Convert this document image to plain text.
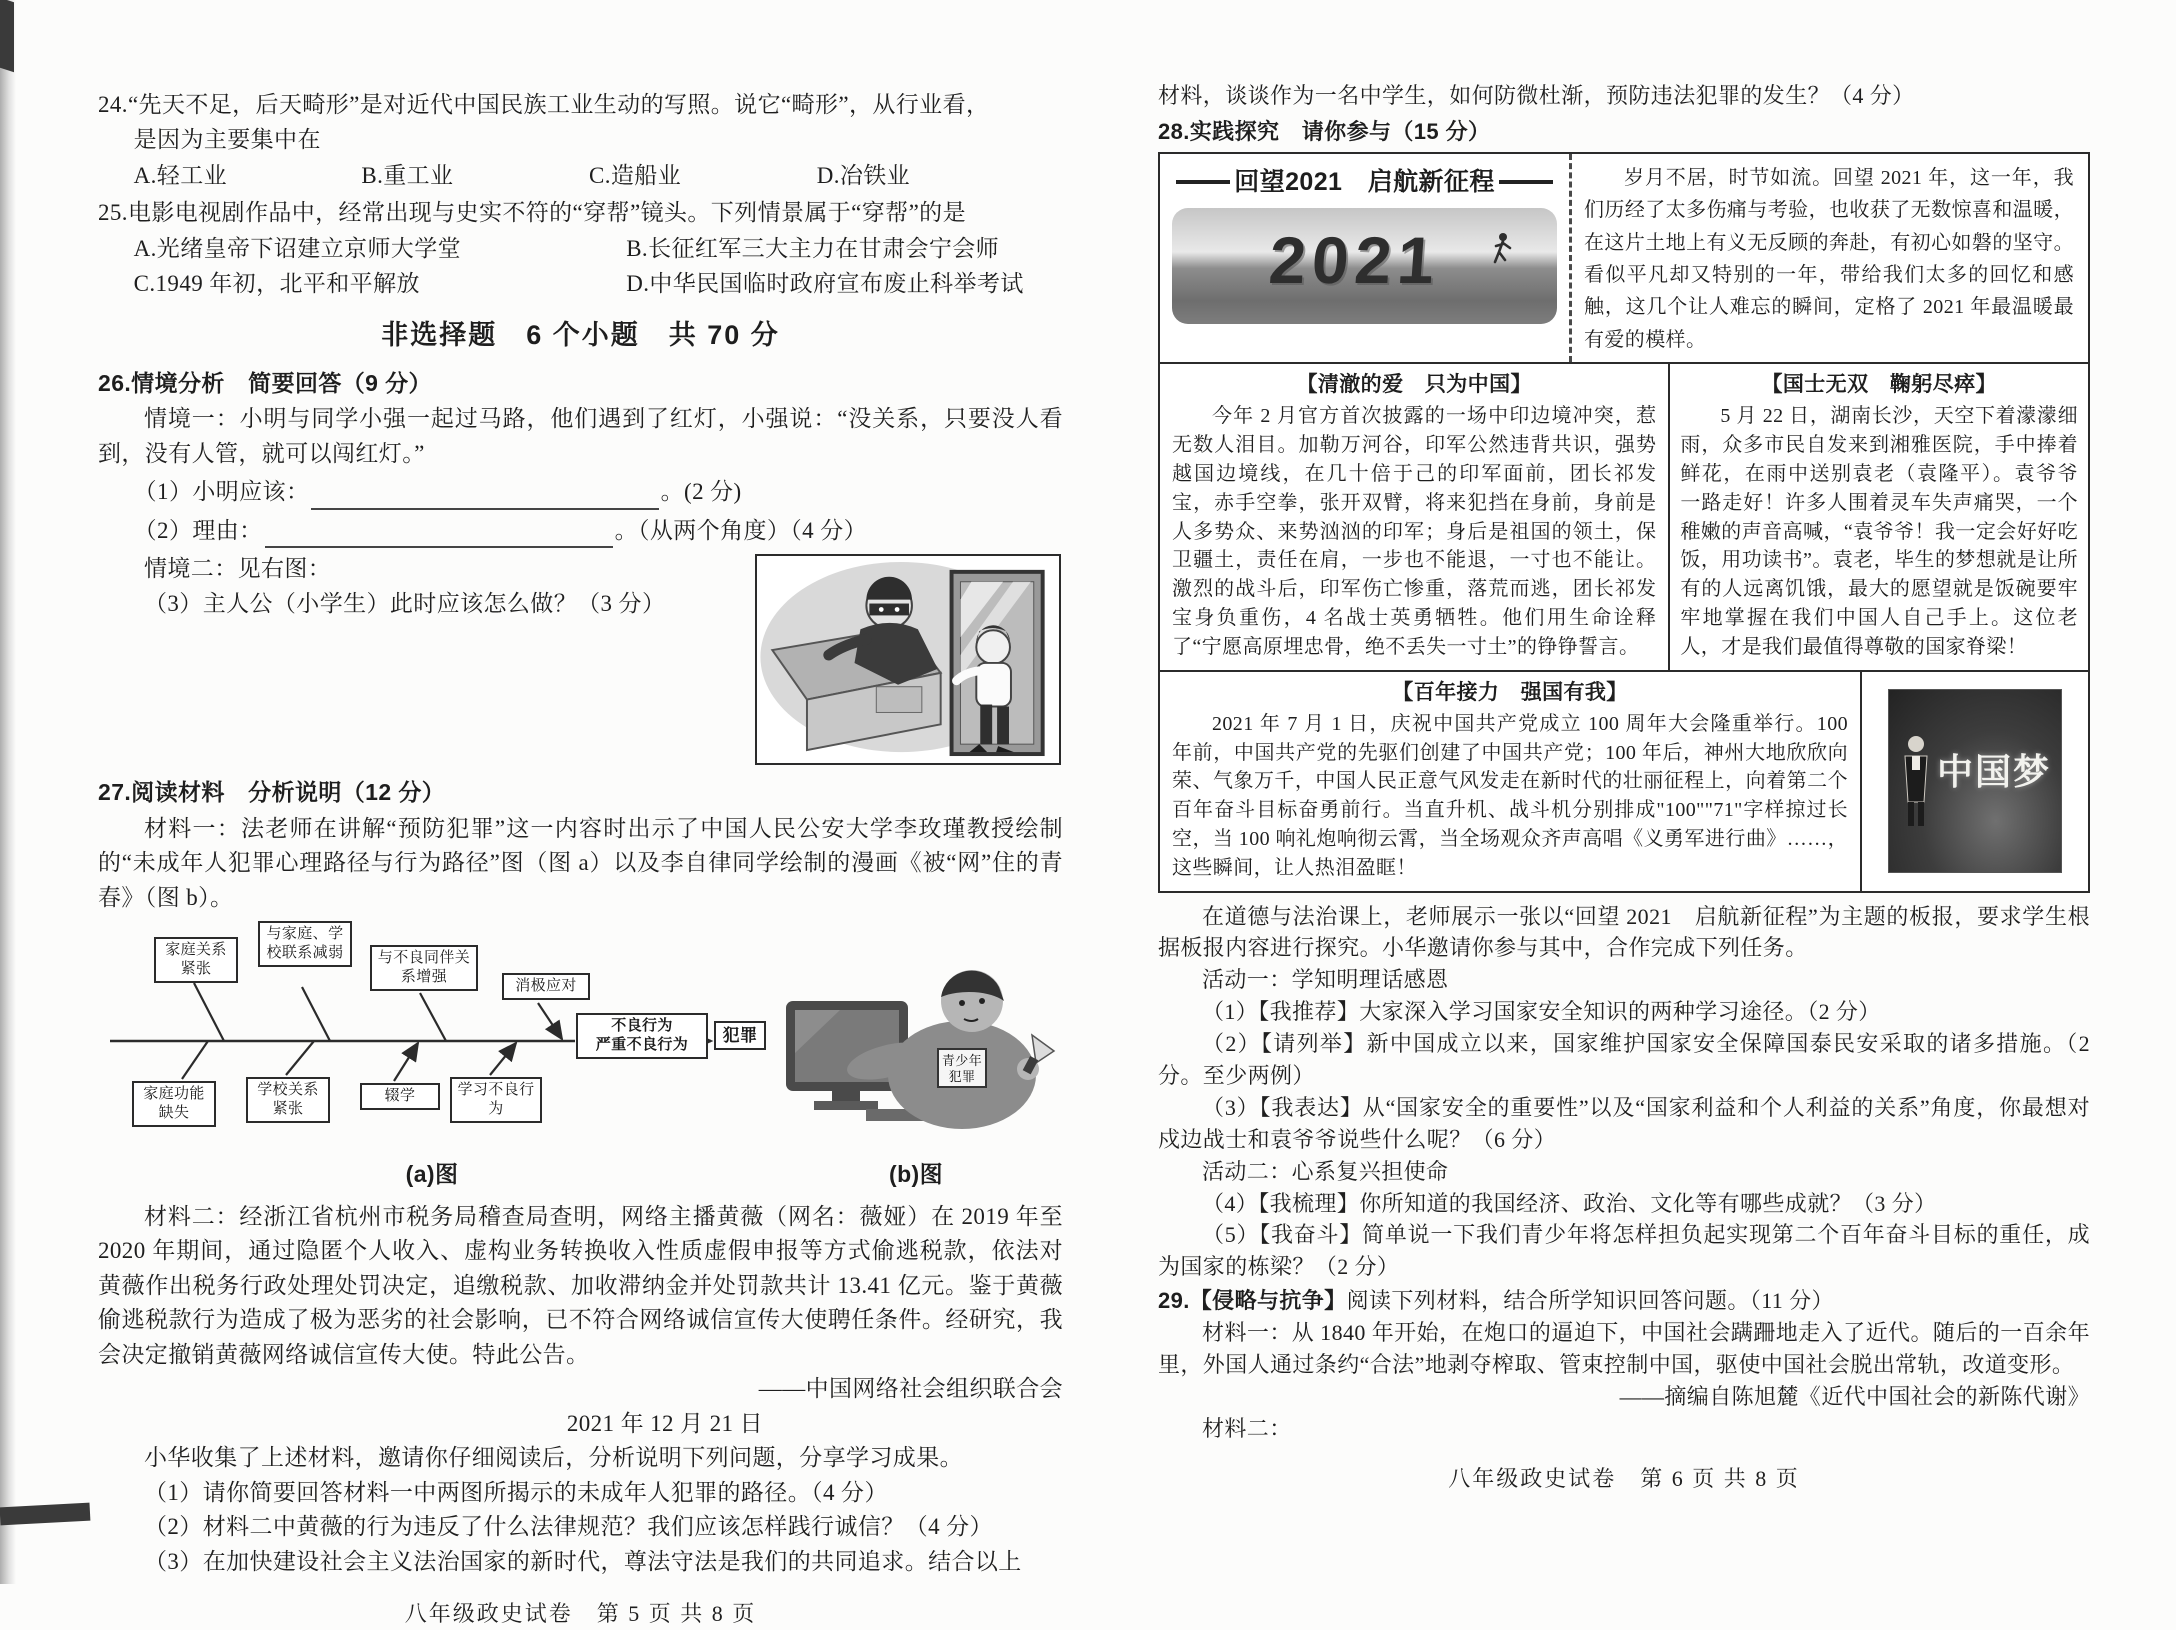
24.“先天不足，后天畸形”是对近代中国民族工业生动的写照。说它“畸形”，从行业看，

是因为主要集中在

A.轻工业	B.重工业	C.造船业	D.冶铁业

25.电影电视剧作品中，经常出现与史实不符的“穿帮”镜头。下列情景属于“穿帮”的是

A.光绪皇帝下诏建立京师大学堂	B.长征红军三大主力在甘肃会宁会师
C.1949 年初，北平和平解放	D.中华民国临时政府宣布废止科举考试
非选择题　6 个小题　共 70 分

26.情境分析　简要回答（9 分）

情境一：小明与同学小强一起过马路，他们遇到了红灯，小强说：“没关系，只要没人看到，没有人管，就可以闯红灯。”

（1）小明应该：	。(2 分)
（2）理由：	。（从两个角度）（4 分）

情境二：见右图：

（3）主人公（小学生）此时应该怎么做？（3 分）

27.阅读材料　分析说明（12 分）

材料一：法老师在讲解“预防犯罪”这一内容时出示了中国人民公安大学李玫瑾教授绘制的“未成年人犯罪心理路径与行为路径”图（图 a）以及李自律同学绘制的漫画《被“网”住的青春》（图 b）。

家庭关系紧张
与家庭、学校联系减弱	与不良同伴关系增强
消极应对
家庭功能缺失
学校关系紧张
辍学	学习不良行为
不良行为
严重不良行为	犯罪
(a)图
青少年
犯罪
(b)图

材料二：经浙江省杭州市税务局稽查局查明，网络主播黄薇（网名：薇娅）在 2019 年至 2020 年期间，通过隐匿个人收入、虚构业务转换收入性质虚假申报等方式偷逃税款，依法对黄薇作出税务行政处理处罚决定，追缴税款、加收滞纳金并处罚款共计 13.41 亿元。鉴于黄薇偷逃税款行为造成了极为恶劣的社会影响，已不符合网络诚信宣传大使聘任条件。经研究，我会决定撤销黄薇网络诚信宣传大使。特此公告。

——中国网络社会组织联合会

2021 年 12 月 21 日

小华收集了上述材料，邀请你仔细阅读后，分析说明下列问题，分享学习成果。

（1）请你简要回答材料一中两图所揭示的未成年人犯罪的路径。（4 分）

（2）材料二中黄薇的行为违反了什么法律规范？我们应该怎样践行诚信？（4 分）

（3）在加快建设社会主义法治国家的新时代，尊法守法是我们的共同追求。结合以上

八年级政史试卷　第 5 页 共 8 页

材料，谈谈作为一名中学生，如何防微杜渐，预防违法犯罪的发生？（4 分）

28.实践探究　请你参与（15 分）

回望2021　启航新征程
2021

岁月不居，时节如流。回望 2021 年，这一年，我们历经了太多伤痛与考验，也收获了无数惊喜和温暖，在这片土地上有义无反顾的奔赴，有初心如磐的坚守。看似平凡却又特别的一年，带给我们太多的回忆和感触，这几个让人难忘的瞬间，定格了 2021 年最温暖最有爱的模样。

【清澈的爱　只为中国】

今年 2 月官方首次披露的一场中印边境冲突，惹无数人泪目。加勒万河谷，印军公然违背共识，强势越国边境线，在几十倍于己的印军面前，团长祁发宝，赤手空拳，张开双臂，将来犯挡在身前，身前是人多势众、来势汹汹的印军；身后是祖国的领土，保卫疆土，责任在肩，一步也不能退，一寸也不能让。激烈的战斗后，印军伤亡惨重，落荒而逃，团长祁发宝身负重伤，4 名战士英勇牺牲。他们用生命诠释了“宁愿高原埋忠骨，绝不丢失一寸土”的铮铮誓言。

【国士无双　鞠躬尽瘁】

5 月 22 日，湖南长沙，天空下着濛濛细雨，众多市民自发来到湘雅医院，手中捧着鲜花，在雨中送别袁老（袁隆平）。袁爷爷一路走好！许多人围着灵车失声痛哭，一个稚嫩的声音高喊，“袁爷爷！我一定会好好吃饭，用功读书”。袁老，毕生的梦想就是让所有的人远离饥饿，最大的愿望就是饭碗要牢牢地掌握在我们中国人自己手上。这位老人，才是我们最值得尊敬的国家脊梁！

【百年接力　强国有我】

2021 年 7 月 1 日，庆祝中国共产党成立 100 周年大会隆重举行。100 年前，中国共产党的先驱们创建了中国共产党；100 年后，神州大地欣欣向荣、气象万千，中国人民正意气风发走在新时代的壮丽征程上，向着第二个百年奋斗目标奋勇前行。当直升机、战斗机分别排成"100""71"字样掠过长空，当 100 响礼炮响彻云霄，当全场观众齐声高唱《义勇军进行曲》……，这些瞬间，让人热泪盈眶！

中国梦

在道德与法治课上，老师展示一张以“回望 2021　启航新征程”为主题的板报，要求学生根据板报内容进行探究。小华邀请你参与其中，合作完成下列任务。

活动一：学知明理话感恩

（1）【我推荐】大家深入学习国家安全知识的两种学习途径。（2 分）

（2）【请列举】新中国成立以来，国家维护国家安全保障国泰民安采取的诸多措施。（2 分。至少两例）

（3）【我表达】从“国家安全的重要性”以及“国家利益和个人利益的关系”角度，你最想对戍边战士和袁爷爷说些什么呢？（6 分）

活动二：心系复兴担使命

（4）【我梳理】你所知道的我国经济、政治、文化等有哪些成就？（3 分）

（5）【我奋斗】简单说一下我们青少年将怎样担负起实现第二个百年奋斗目标的重任，成为国家的栋梁？（2 分）

29.【侵略与抗争】阅读下列材料，结合所学知识回答问题。（11 分）

材料一：从 1840 年开始，在炮口的逼迫下，中国社会蹒跚地走入了近代。随后的一百余年里，外国人通过条约“合法”地剥夺榨取、管束控制中国，驱使中国社会脱出常轨，改道变形。

——摘编自陈旭麓《近代中国社会的新陈代谢》

材料二：

八年级政史试卷　第 6 页 共 8 页
